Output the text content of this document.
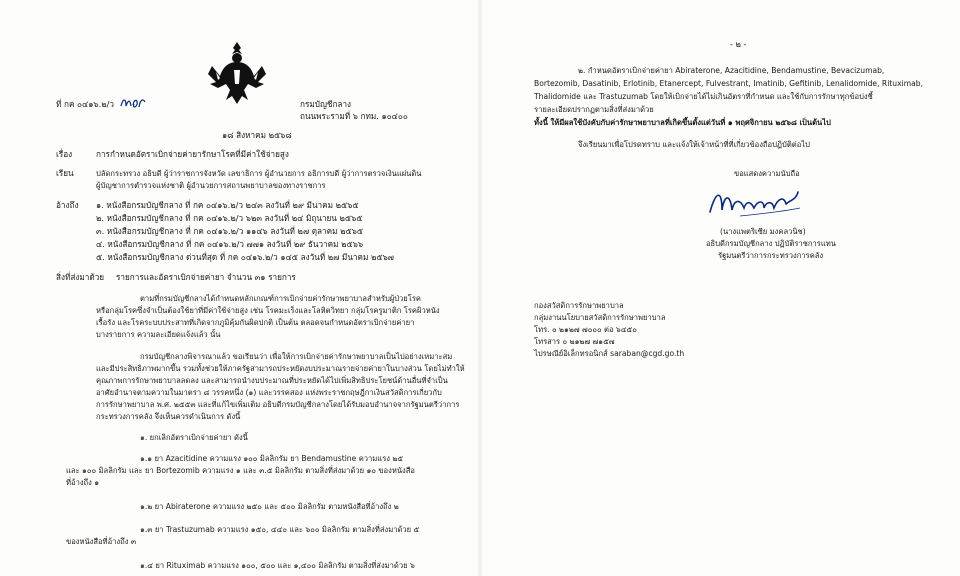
ที่ กค ๐๔๑๖.๒/ว	กรมบัญชีกลาง
ถนนพระรามที่ ๖ กทม. ๑๐๔๐๐
๑๘ สิงหาคม ๒๕๖๘
เรื่อง	การกำหนดอัตราเบิกจ่ายค่ายารักษาโรคที่มีค่าใช้จ่ายสูง
เรียน	ปลัดกระทรวง อธิบดี ผู้ว่าราชการจังหวัด เลขาธิการ ผู้อำนวยการ อธิการบดี ผู้ว่าการตรวจเงินแผ่นดิน
ผู้บัญชาการตำรวจแห่งชาติ ผู้อำนวยการสถานพยาบาลของทางราชการ
อ้างถึง ๑. หนังสือกรมบัญชีกลาง ที่ กค ๐๔๑๖.๒/ว ๒๔๓ ลงวันที่ ๒๙ มีนาคม ๒๕๖๕
๒. หนังสือกรมบัญชีกลาง ที่ กค ๐๔๑๖.๒/ว ๖๒๓ ลงวันที่ ๒๔ มิถุนายน ๒๕๖๕
๓. หนังสือกรมบัญชีกลาง ที่ กค ๐๔๑๖.๒/ว ๑๑๔๖ ลงวันที่ ๒๗ ตุลาคม ๒๕๖๕
๔. หนังสือกรมบัญชีกลาง ที่ กค ๐๔๑๖.๒/ว ๗๗๑ ลงวันที่ ๒๙ ธันวาคม ๒๕๖๖
๕. หนังสือกรมบัญชีกลาง ด่วนที่สุด ที่ กค ๐๔๑๖.๒/ว ๑๔๕ ลงวันที่ ๒๗ มีนาคม ๒๕๖๗
สิ่งที่ส่งมาด้วย รายการและอัตราเบิกจ่ายค่ายา จำนวน ๓๑ รายการ
ตามที่กรมบัญชีกลางได้กำหนดหลักเกณฑ์การเบิกจ่ายค่ารักษาพยาบาลสำหรับผู้ป่วยโรค
หรือกลุ่มโรคซึ่งจำเป็นต้องใช้ยาที่มีค่าใช้จ่ายสูง เช่น โรคมะเร็งและโลหิตวิทยา กลุ่มโรครูมาติก โรคผิวหนัง
เรื้อรัง และโรคระบบประสาทที่เกิดจากภูมิคุ้มกันผิดปกติ เป็นต้น ตลอดจนกำหนดอัตราเบิกจ่ายค่ายา
บางรายการ ความละเอียดแจ้งแล้ว นั้น
กรมบัญชีกลางพิจารณาแล้ว ขอเรียนว่า เพื่อให้การเบิกจ่ายค่ารักษาพยาบาลเป็นไปอย่างเหมาะสม
และมีประสิทธิภาพมากขึ้น รวมทั้งช่วยให้ภาครัฐสามารถประหยัดงบประมาณรายจ่ายค่ายาในบางส่วน โดยไม่ทำให้
คุณภาพการรักษาพยาบาลลดลง และสามารถนำงบประมาณที่ประหยัดได้ไปเพิ่มสิทธิประโยชน์ด้านอื่นที่จำเป็น
อาศัยอำนาจตามความในมาตรา ๘ วรรคหนึ่ง (๑) และวรรคสอง แห่งพระราชกฤษฎีกาเงินสวัสดิการเกี่ยวกับ
การรักษาพยาบาล พ.ศ. ๒๕๕๓ และที่แก้ไขเพิ่มเติม อธิบดีกรมบัญชีกลางโดยได้รับมอบอำนาจจากรัฐมนตรีว่าการ
กระทรวงการคลัง จึงเห็นควรดำเนินการ ดังนี้
๑. ยกเลิกอัตราเบิกจ่ายค่ายา ดังนี้
๑.๑ ยา Azacitidine ความแรง ๑๐๐ มิลลิกรัม ยา Bendamustine ความแรง ๒๕
และ ๑๐๐ มิลลิกรัม และ ยา Bortezomib ความแรง ๑ และ ๓.๕ มิลลิกรัม ตามสิ่งที่ส่งมาด้วย ๑๐ ของหนังสือ
ที่อ้างถึง ๑
๑.๒ ยา Abiraterone ความแรง ๒๕๐ และ ๕๐๐ มิลลิกรัม ตามหนังสือที่อ้างถึง ๒
๑.๓ ยา Trastuzumab ความแรง ๑๕๐, ๔๔๐ และ ๖๐๐ มิลลิกรัม ตามสิ่งที่ส่งมาด้วย ๕
ของหนังสือที่อ้างถึง ๓
๑.๔ ยา Rituximab ความแรง ๑๐๐, ๕๐๐ และ ๑,๔๐๐ มิลลิกรัม ตามสิ่งที่ส่งมาด้วย ๖
- ๒ -
๒. กำหนดอัตราเบิกจ่ายค่ายา Abiraterone, Azacitidine, Bendamustine, Bevacizumab,
Bortezomib, Dasatinib, Erlotinib, Etanercept, Fulvestrant, Imatinib, Gefitinib, Lenalidomide, Rituximab,
Thalidomide และ Trastuzumab โดยให้เบิกจ่ายได้ไม่เกินอัตราที่กำหนด และใช้กับการรักษาทุกข้อบ่งชี้
รายละเอียดปรากฏตามสิ่งที่ส่งมาด้วย
ทั้งนี้ ให้มีผลใช้บังคับกับค่ารักษาพยาบาลที่เกิดขึ้นตั้งแต่วันที่ ๑ พฤศจิกายน ๒๕๖๘ เป็นต้นไป
จึงเรียนมาเพื่อโปรดทราบ และแจ้งให้เจ้าหน้าที่ที่เกี่ยวข้องถือปฏิบัติต่อไป
ขอแสดงความนับถือ
(นางแพตริเซีย มงคลวนิช)
อธิบดีกรมบัญชีกลาง ปฏิบัติราชการแทน
รัฐมนตรีว่าการกระทรวงการคลัง
กองสวัสดิการรักษาพยาบาล
กลุ่มงานนโยบายสวัสดิการรักษาพยาบาล
โทร. ๐ ๒๑๒๗ ๗๐๐๐ ต่อ ๖๔๕๐
โทรสาร ๐ ๒๑๒๗ ๗๑๕๗
ไปรษณีย์อิเล็กทรอนิกส์ saraban@cgd.go.th
